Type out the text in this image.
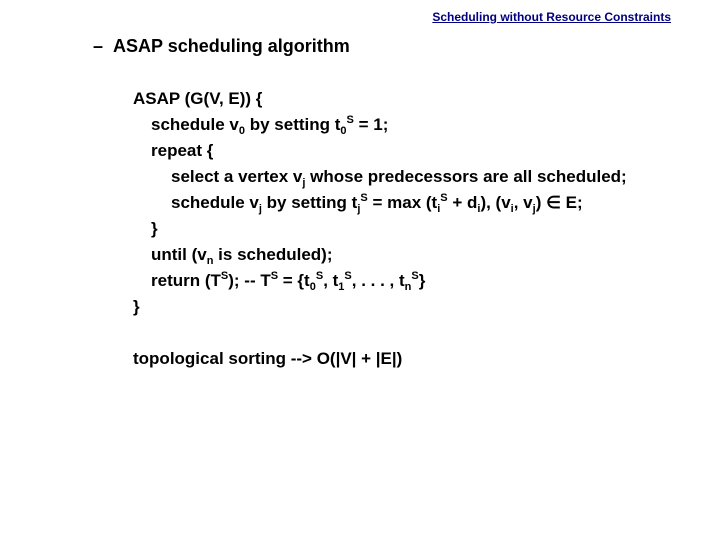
Scheduling without Resource Constraints
– ASAP scheduling algorithm
ASAP (G(V, E)) {
schedule $v_0$ by setting $t_0^S = 1$;
repeat {
select a vertex $v_j$ whose predecessors are all scheduled;
schedule $v_j$ by setting $t_j^S = \max (t_i^S + d_i)$, ($v_i$, $v_j$) ∈ E;
}
until ($v_n$ is scheduled);
return $(T^S)$; -- $T^S = \{t_0^S$, $t_1^S$, . . . , $t_n^S$}
}
topological sorting --> O(|V| + |E|)
